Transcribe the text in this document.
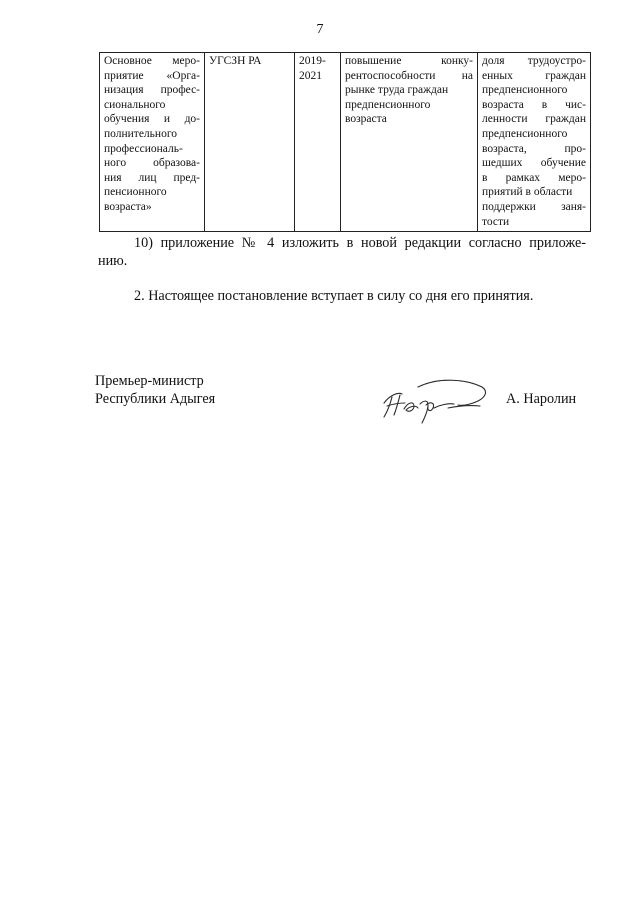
7
Основное меро-
приятие «Орга-
низация профес-
сионального
обучения и до-
полнительного
профессиональ-
ного образова-
ния лиц пред-
пенсионного
возраста»

УГСЗН РА	2019-
2021

повышение конку-
рентоспособности на
рынке труда граждан
предпенсионного
возраста

доля трудоустро-
енных граждан
предпенсионного
возраста в чис-
ленности граждан
предпенсионного
возраста, про-
шедших обучение
в рамках меро-
приятий в области
поддержки заня-
тости
10) приложение № 4 изложить в новой редакции согласно приложе-
нию.
2. Настоящее постановление вступает в силу со дня его принятия.
Премьер-министр
Республики Адыгея	А. Наролин
